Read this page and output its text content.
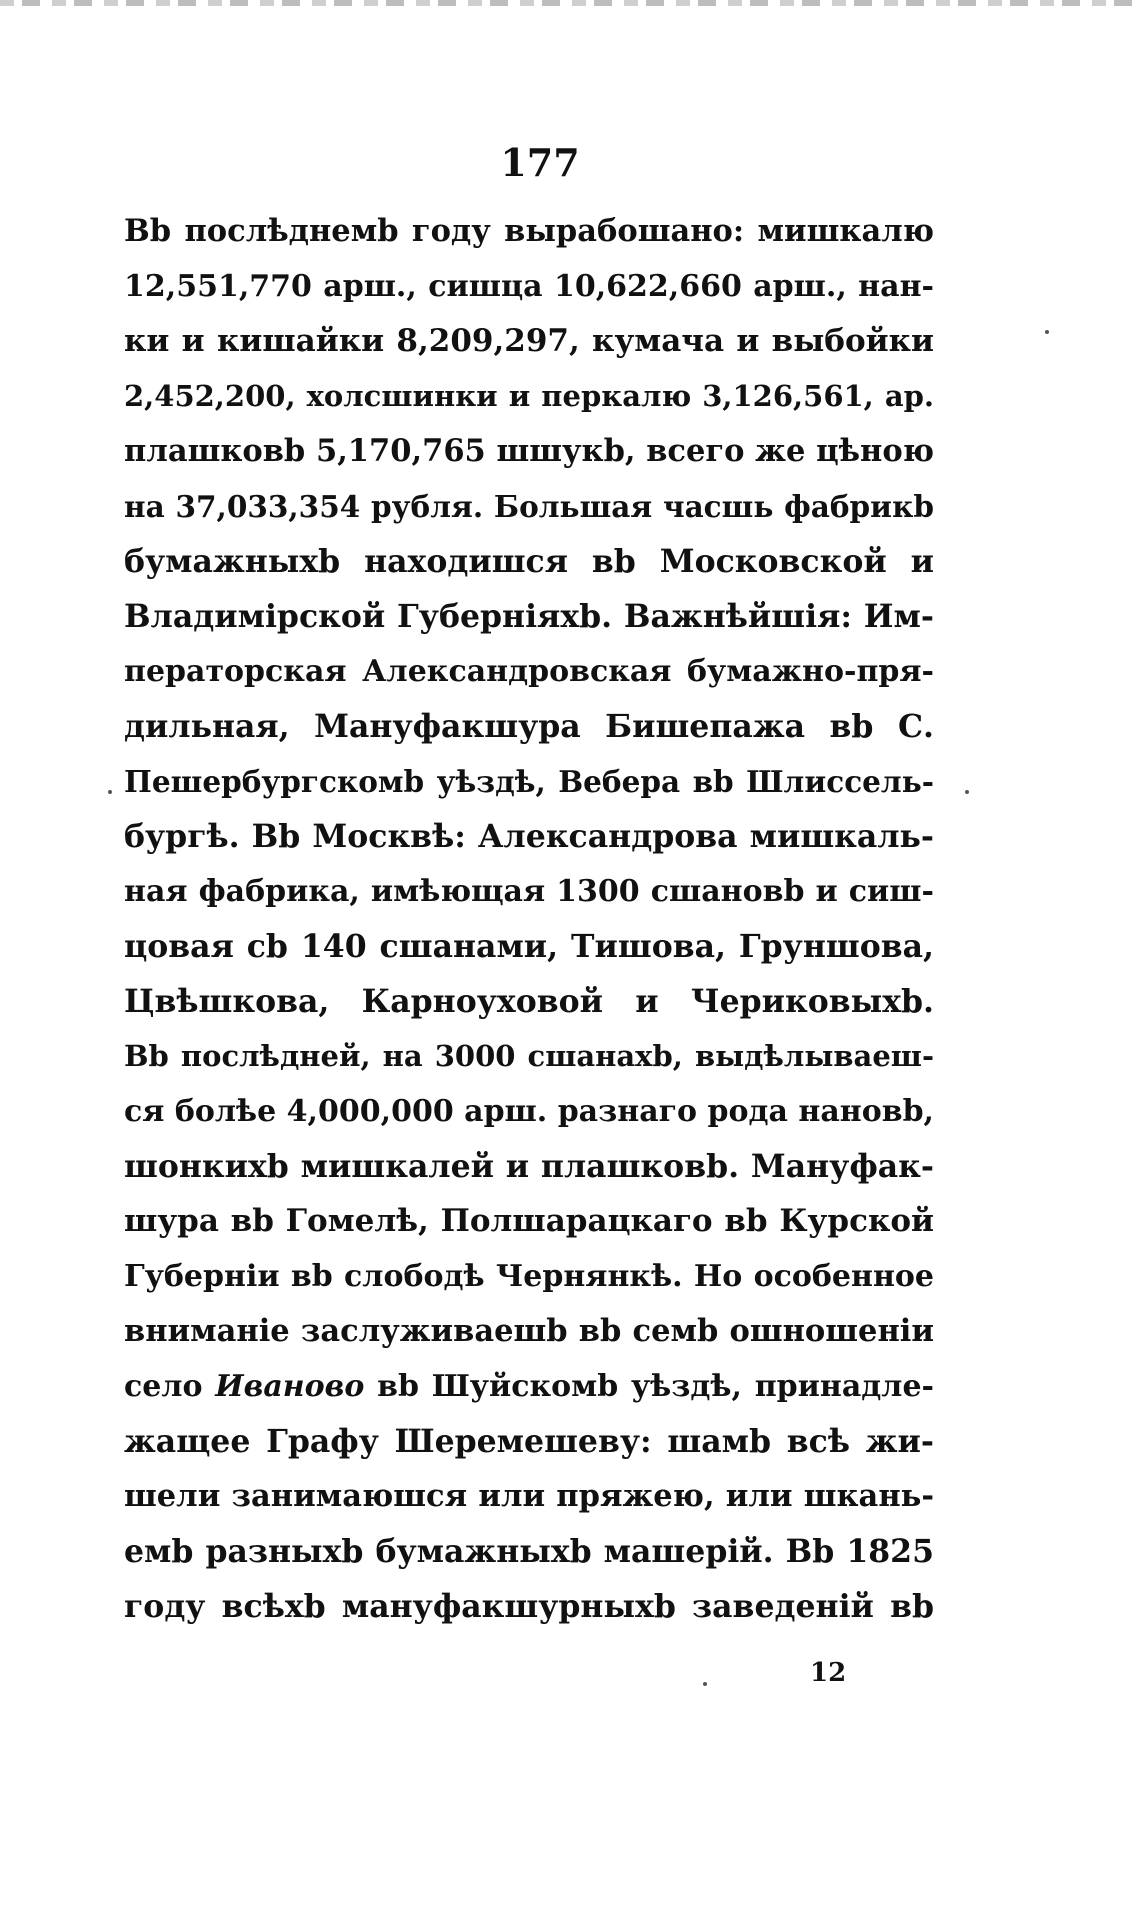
177
Вb послѣднемb году вырабошано: мишкалю
12,551,770 арш., сишца 10,622,660 арш., нан-
ки и кишайки 8,209,297, кумача и выбойки
2,452,200, холсшинки и перкалю 3,126,561, ар.
плашковb 5,170,765 шшукb, всего же цѣною
на 37,033,354 рубля. Большая часшь фабрикb
бумажныхb находишся вb Московской и
Владимірской Губерніяхb. Важнѣйшія: Им-
ператорская Александровская бумажно-пря-
дильная, Мануфакшура Бишепажа вb С.
Пешербургскомb уѣздѣ, Вебера вb Шлиссель-
бургѣ. Вb Москвѣ: Александрова мишкаль-
ная фабрика, имѣющая 1300 сшановb и сиш-
цовая сb 140 сшанами, Тишова, Груншова,
Цвѣшкова, Карноуховой и Чериковыхb.
Вb послѣдней, на 3000 сшанахb, выдѣлываеш-
ся болѣе 4,000,000 арш. разнаго рода нановb,
шонкихb мишкалей и плашковb. Мануфак-
шура вb Гомелѣ, Полшарацкаго вb Курской
Губерніи вb слободѣ Чернянкѣ. Но особенное
вниманіе заслуживаешb вb семb ошношеніи
село Иваново вb Шуйскомb уѣздѣ, принадле-
жащее Графу Шеремешеву: шамb всѣ жи-
шели занимаюшся или пряжею, или шкань-
емb разныхb бумажныхb машерій. Вb 1825
году всѣхb мануфакшурныхb заведеній вb
12
